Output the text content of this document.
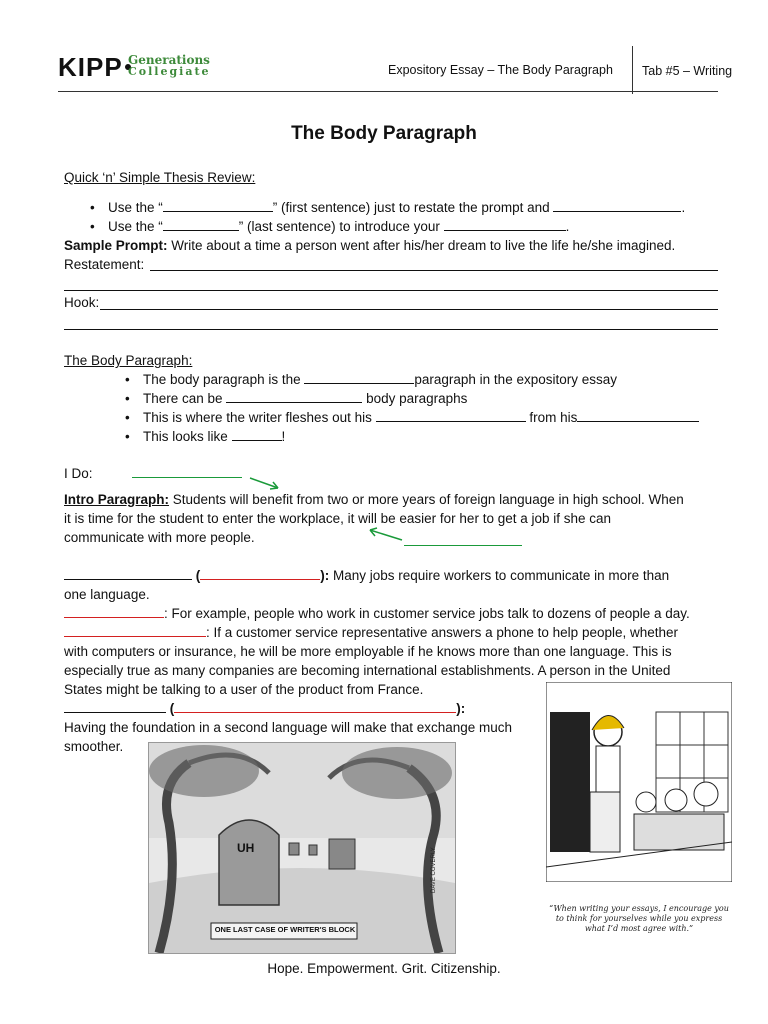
KIPP Generations
Collegiate	Expository Essay – The Body Paragraph Tab #5 – Writing
The Body Paragraph
Quick ‘n’ Simple Thesis Review:
• Use the “	” (first sentence) just to restate the prompt and	.
• Use the “	” (last sentence) to introduce your	.
Sample Prompt: Write about a time a person went after his/her dream to live the life he/she imagined.
Restatement:
Hook:
The Body Paragraph:
• The body paragraph is the	paragraph in the expository essay
• There can be	body paragraphs
• This is where the writer fleshes out his	from his
• This looks like	!
I Do:
Intro Paragraph: Students will benefit from two or more years of foreign language in high school. When
it is time for the student to enter the workplace, it will be easier for her to get a job if she can
communicate with more people.
(	): Many jobs require workers to communicate in more than
one language.
: For example, people who work in customer service jobs talk to dozens of people a day.
: If a customer service representative answers a phone to help people, whether
with computers or insurance, he will be more employable if he knows more than one language. This is
especially true as many companies are becoming international establishments. A person in the United
States might be talking to a user of the product from France.
(	):
Having the foundation in a second language will make that exchange much
smoother.
UH
ONE LAST CASE OF WRITER'S BLOCK
DAVE COVERLY
“When writing your essays, I encourage you to think for yourselves while you express what I’d most agree with.”
Hope. Empowerment. Grit. Citizenship.
